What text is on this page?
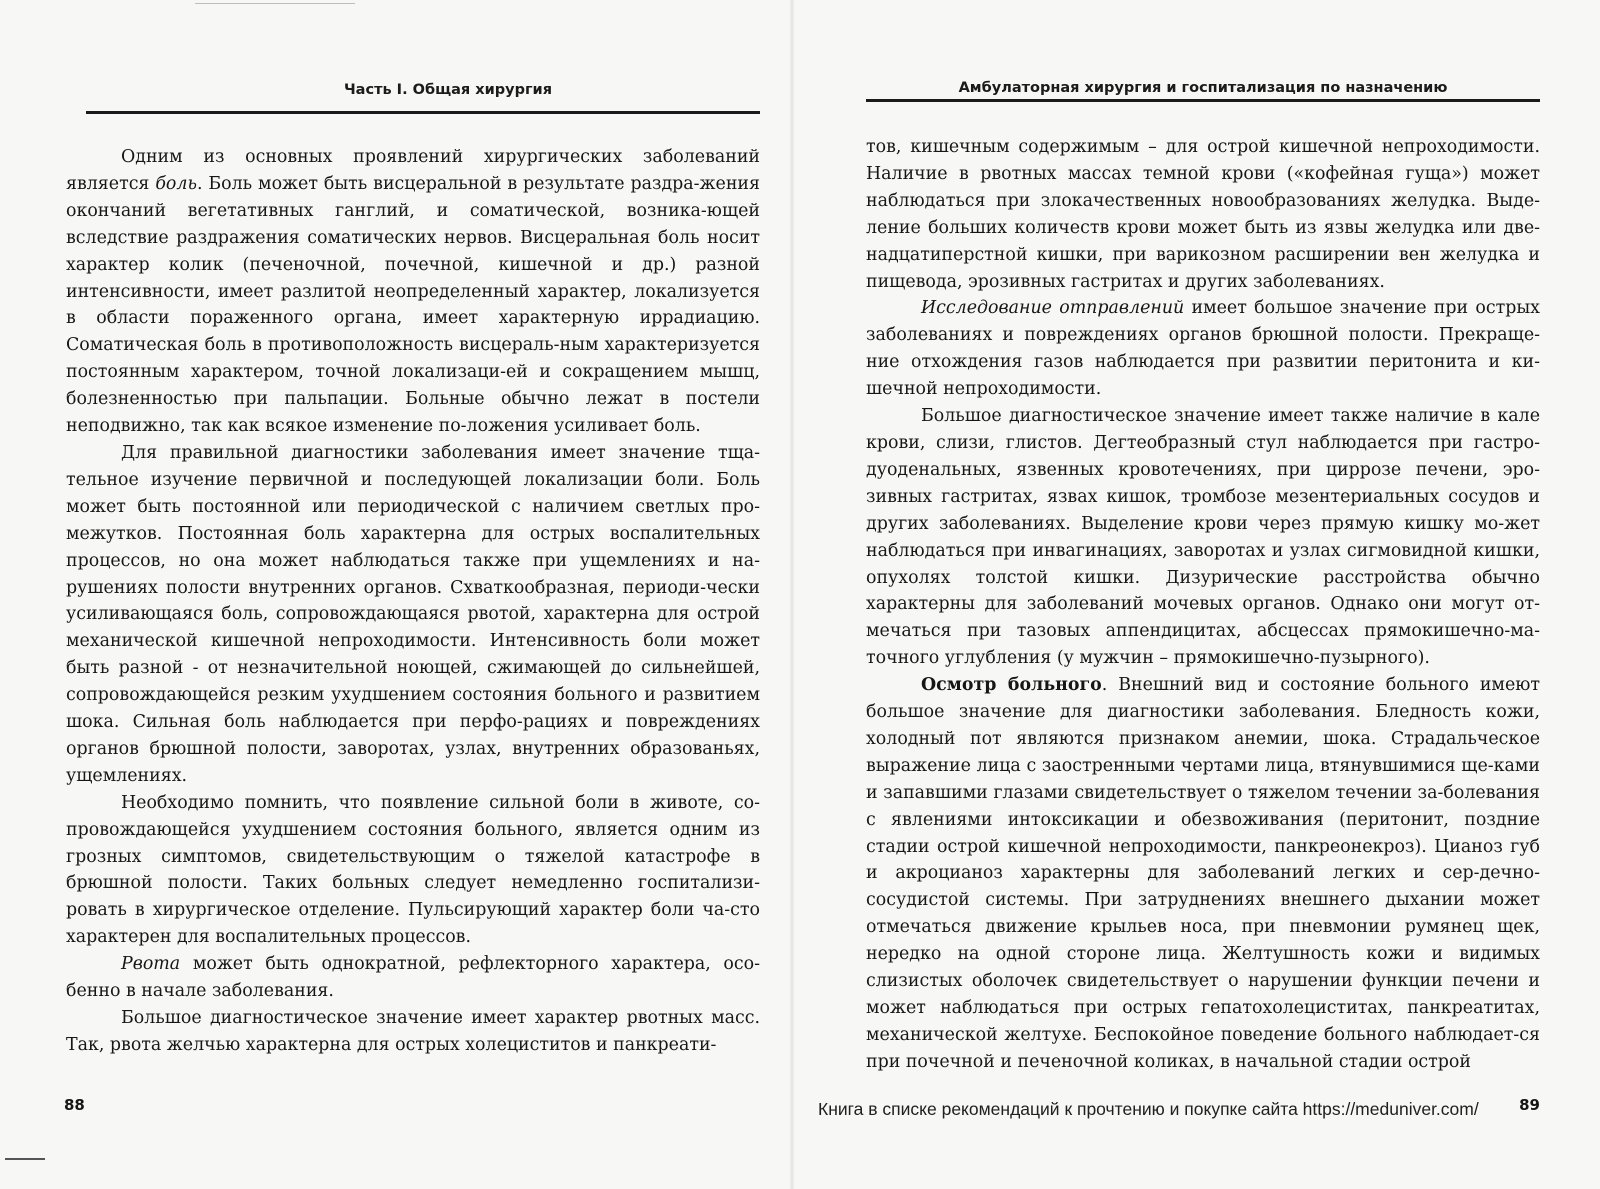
Часть I. Общая хирургия

Одним из основных проявлений хирургических заболеваний является боль. Боль может быть висцеральной в результате раздра-жения окончаний вегетативных ганглий, и соматической, возника-ющей вследствие раздражения соматических нервов. Висцеральная боль носит характер колик (печеночной, почечной, кишечной и др.) разной интенсивности, имеет разлитой неопределенный характер, локализуется в области пораженного органа, имеет характерную иррадиацию. Соматическая боль в противоположность висцераль-ным характеризуется постоянным характером, точной локализаци-ей и сокращением мышц, болезненностью при пальпации. Больные обычно лежат в постели неподвижно, так как всякое изменение по-ложения усиливает боль.

Для правильной диагностики заболевания имеет значение тща-тельное изучение первичной и последующей локализации боли. Боль может быть постоянной или периодической с наличием светлых про-межутков. Постоянная боль характерна для острых воспалительных процессов, но она может наблюдаться также при ущемлениях и на-рушениях полости внутренних органов. Схваткообразная, периоди-чески усиливающаяся боль, сопровождающаяся рвотой, характерна для острой механической кишечной непроходимости. Интенсивность боли может быть разной - от незначительной ноющей, сжимающей до сильнейшей, сопровождающейся резким ухудшением состояния больного и развитием шока. Сильная боль наблюдается при перфо-рациях и повреждениях органов брюшной полости, заворотах, узлах, внутренних образованьях, ущемлениях.

Необходимо помнить, что появление сильной боли в животе, со-провождающейся ухудшением состояния больного, является одним из грозных симптомов, свидетельствующим о тяжелой катастрофе в брюшной полости. Таких больных следует немедленно госпитализи-ровать в хирургическое отделение. Пульсирующий характер боли ча-сто характерен для воспалительных процессов.

Рвота может быть однократной, рефлекторного характера, осо-бенно в начале заболевания.

Большое диагностическое значение имеет характер рвотных масс. Так, рвота желчью характерна для острых холециститов и панкреати-

88
Амбулаторная хирургия и госпитализация по назначению

тов, кишечным содержимым – для острой кишечной непроходимости. Наличие в рвотных массах темной крови («кофейная гуща») может наблюдаться при злокачественных новообразованиях желудка. Выде-ление больших количеств крови может быть из язвы желудка или две-надцатиперстной кишки, при варикозном расширении вен желудка и пищевода, эрозивных гастритах и других заболеваниях.

Исследование отправлений имеет большое значение при острых заболеваниях и повреждениях органов брюшной полости. Прекраще-ние отхождения газов наблюдается при развитии перитонита и ки-шечной непроходимости.

Большое диагностическое значение имеет также наличие в кале крови, слизи, глистов. Дегтеобразный стул наблюдается при гастро-дуоденальных, язвенных кровотечениях, при циррозе печени, эро-зивных гастритах, язвах кишок, тромбозе мезентериальных сосудов и других заболеваниях. Выделение крови через прямую кишку мо-жет наблюдаться при инвагинациях, заворотах и узлах сигмовидной кишки, опухолях толстой кишки. Дизурические расстройства обычно характерны для заболеваний мочевых органов. Однако они могут от-мечаться при тазовых аппендицитах, абсцессах прямокишечно-ма-точного углубления (у мужчин – прямокишечно-пузырного).

Осмотр больного. Внешний вид и состояние больного имеют большое значение для диагностики заболевания. Бледность кожи, холодный пот являются признаком анемии, шока. Страдальческое выражение лица с заостренными чертами лица, втянувшимися ще-ками и запавшими глазами свидетельствует о тяжелом течении за-болевания с явлениями интоксикации и обезвоживания (перитонит, поздние стадии острой кишечной непроходимости, панкреонекроз). Цианоз губ и акроцианоз характерны для заболеваний легких и сер-дечно-сосудистой системы. При затруднениях внешнего дыхании может отмечаться движение крыльев носа, при пневмонии румянец щек, нередко на одной стороне лица. Желтушность кожи и видимых слизистых оболочек свидетельствует о нарушении функции печени и может наблюдаться при острых гепатохолециститах, панкреатитах, механической желтухе. Беспокойное поведение больного наблюдает-ся при почечной и печеночной коликах, в начальной стадии острой

89
Книга в списке рекомендаций к прочтению и покупке сайта https://meduniver.com/
